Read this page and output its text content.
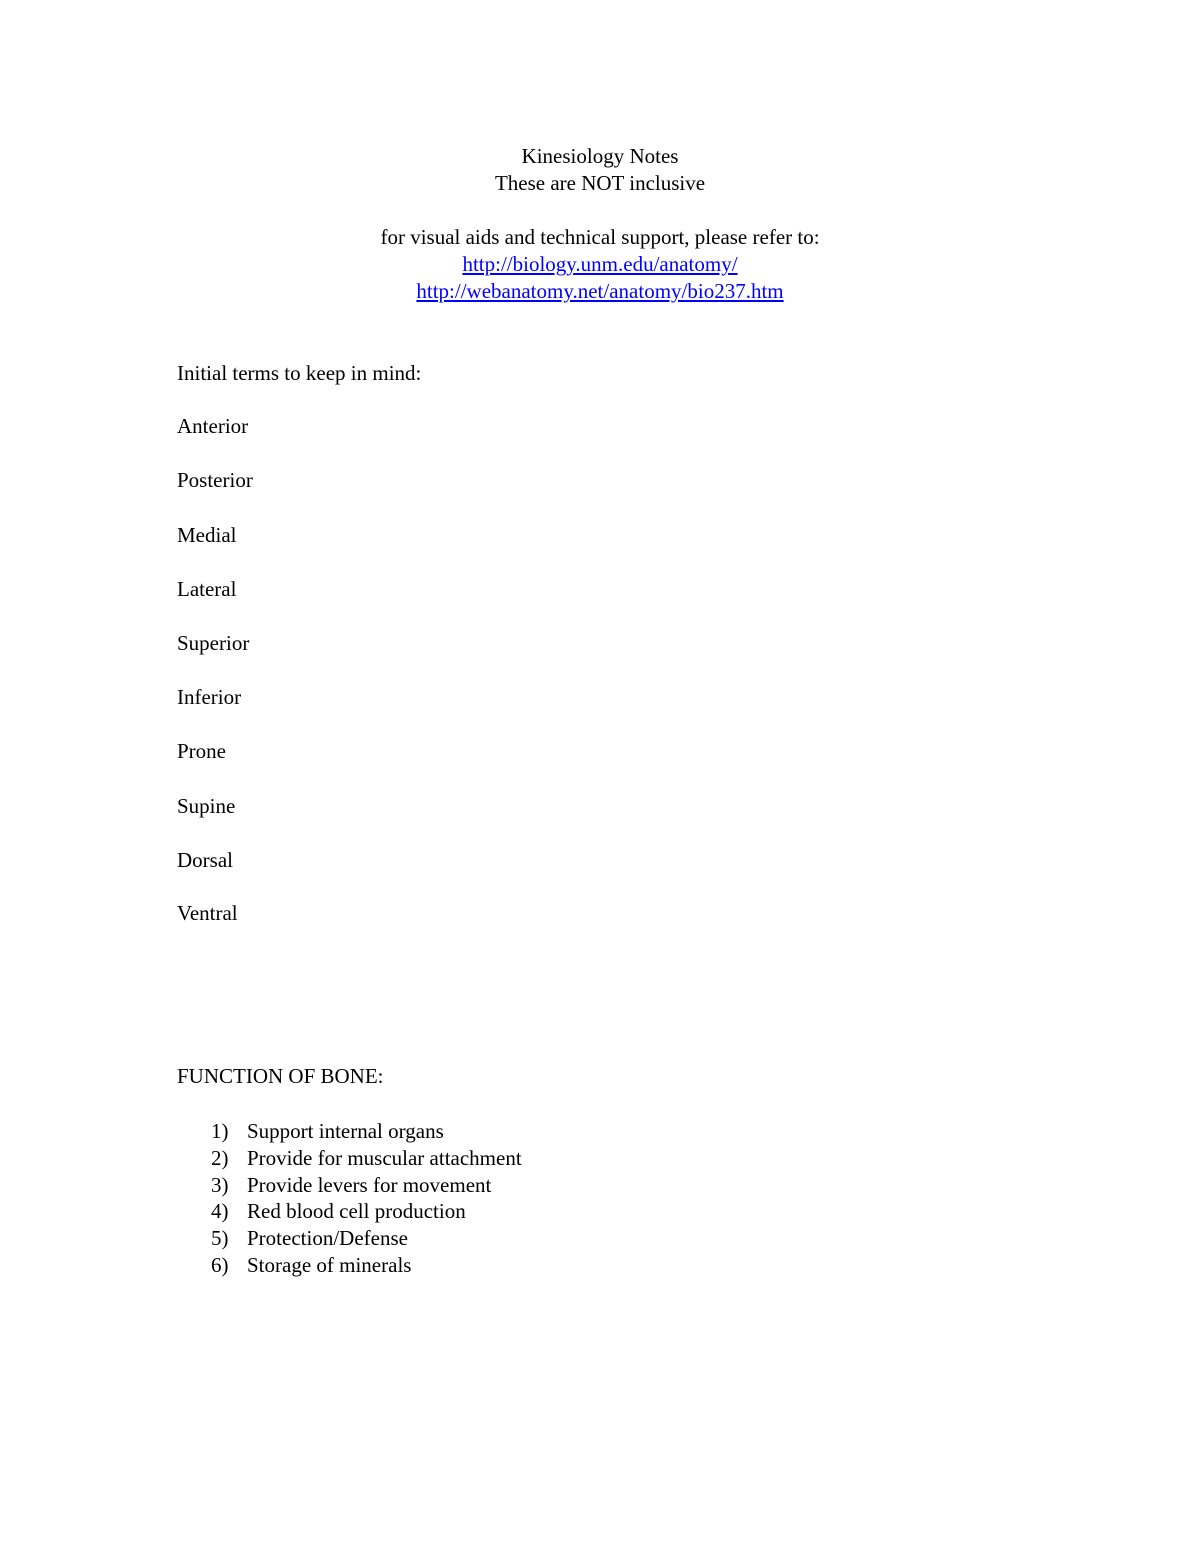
Kinesiology Notes
These are NOT inclusive
for visual aids and technical support, please refer to:
http://biology.unm.edu/anatomy/
http://webanatomy.net/anatomy/bio237.htm
Initial terms to keep in mind:
Anterior
Posterior
Medial
Lateral
Superior
Inferior
Prone
Supine
Dorsal
Ventral
FUNCTION OF BONE:
1) Support internal organs
2) Provide for muscular attachment
3) Provide levers for movement
4) Red blood cell production
5) Protection/Defense
6) Storage of minerals
